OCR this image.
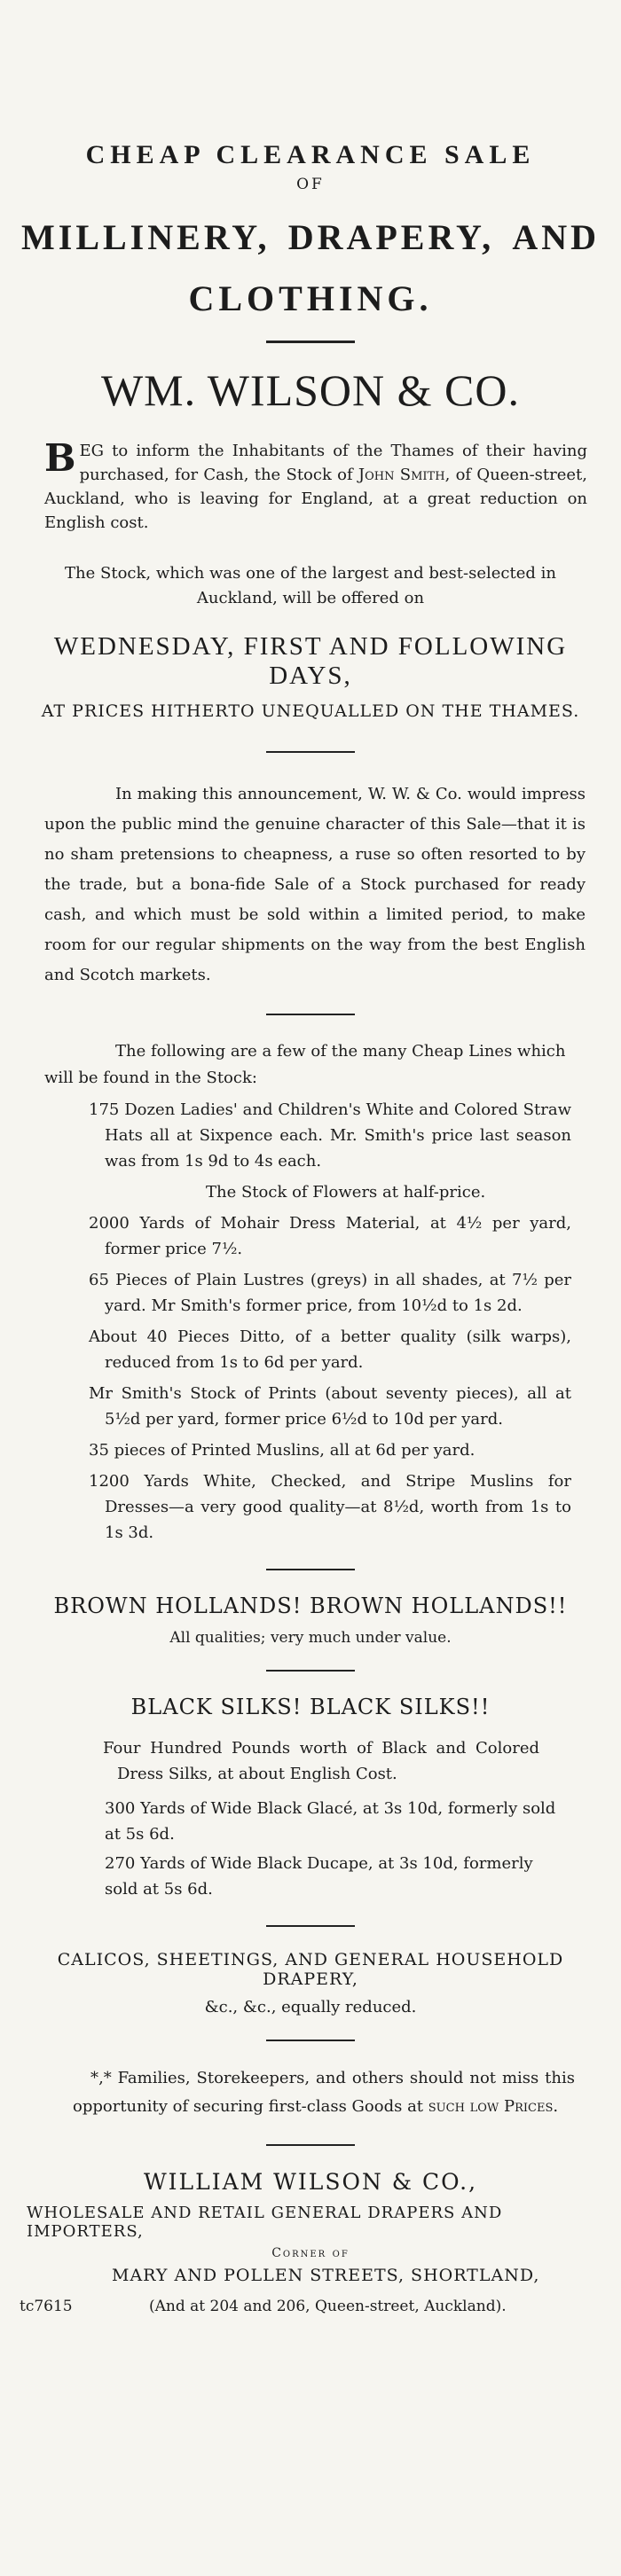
CHEAP CLEARANCE SALE
OF
MILLINERY, DRAPERY, AND
CLOTHING.
WM. WILSON & CO.
BEG to inform the Inhabitants of the Thames of their having purchased, for Cash, the Stock of John Smith, of Queen-street, Auckland, who is leaving for England, at a great reduction on English cost.
The Stock, which was one of the largest and best-selected in Auckland, will be offered on
WEDNESDAY, FIRST AND FOLLOWING DAYS,
AT PRICES HITHERTO UNEQUALLED ON THE THAMES.
In making this announcement, W. W. & Co. would impress upon the public mind the genuine character of this Sale—that it is no sham pretensions to cheapness, a ruse so often resorted to by the trade, but a bona-fide Sale of a Stock purchased for ready cash, and which must be sold within a limited period, to make room for our regular shipments on the way from the best English and Scotch markets.
The following are a few of the many Cheap Lines which will be found in the Stock:
175 Dozen Ladies' and Children's White and Colored Straw Hats all at Sixpence each. Mr. Smith's price last season was from 1s 9d to 4s each.
The Stock of Flowers at half-price.
2000 Yards of Mohair Dress Material, at 4½ per yard, former price 7½.
65 Pieces of Plain Lustres (greys) in all shades, at 7½ per yard. Mr Smith's former price, from 10½d to 1s 2d.
About 40 Pieces Ditto, of a better quality (silk warps), reduced from 1s to 6d per yard.
Mr Smith's Stock of Prints (about seventy pieces), all at 5½d per yard, former price 6½d to 10d per yard.
35 pieces of Printed Muslins, all at 6d per yard.
1200 Yards White, Checked, and Stripe Muslins for Dresses—a very good quality—at 8½d, worth from 1s to 1s 3d.
BROWN HOLLANDS! BROWN HOLLANDS!!
All qualities; very much under value.
BLACK SILKS! BLACK SILKS!!
Four Hundred Pounds worth of Black and Colored Dress Silks, at about English Cost.
300 Yards of Wide Black Glacé, at 3s 10d, formerly sold at 5s 6d.
270 Yards of Wide Black Ducape, at 3s 10d, formerly sold at 5s 6d.
CALICOS, SHEETINGS, AND GENERAL HOUSEHOLD DRAPERY,
&c., &c., equally reduced.
*‚* Families, Storekeepers, and others should not miss this opportunity of securing first-class Goods at such low Prices.
WILLIAM WILSON & CO.,
WHOLESALE AND RETAIL GENERAL DRAPERS AND IMPORTERS,
Corner of
MARY AND POLLEN STREETS, SHORTLAND,
tc7615	(And at 204 and 206, Queen-street, Auckland).
